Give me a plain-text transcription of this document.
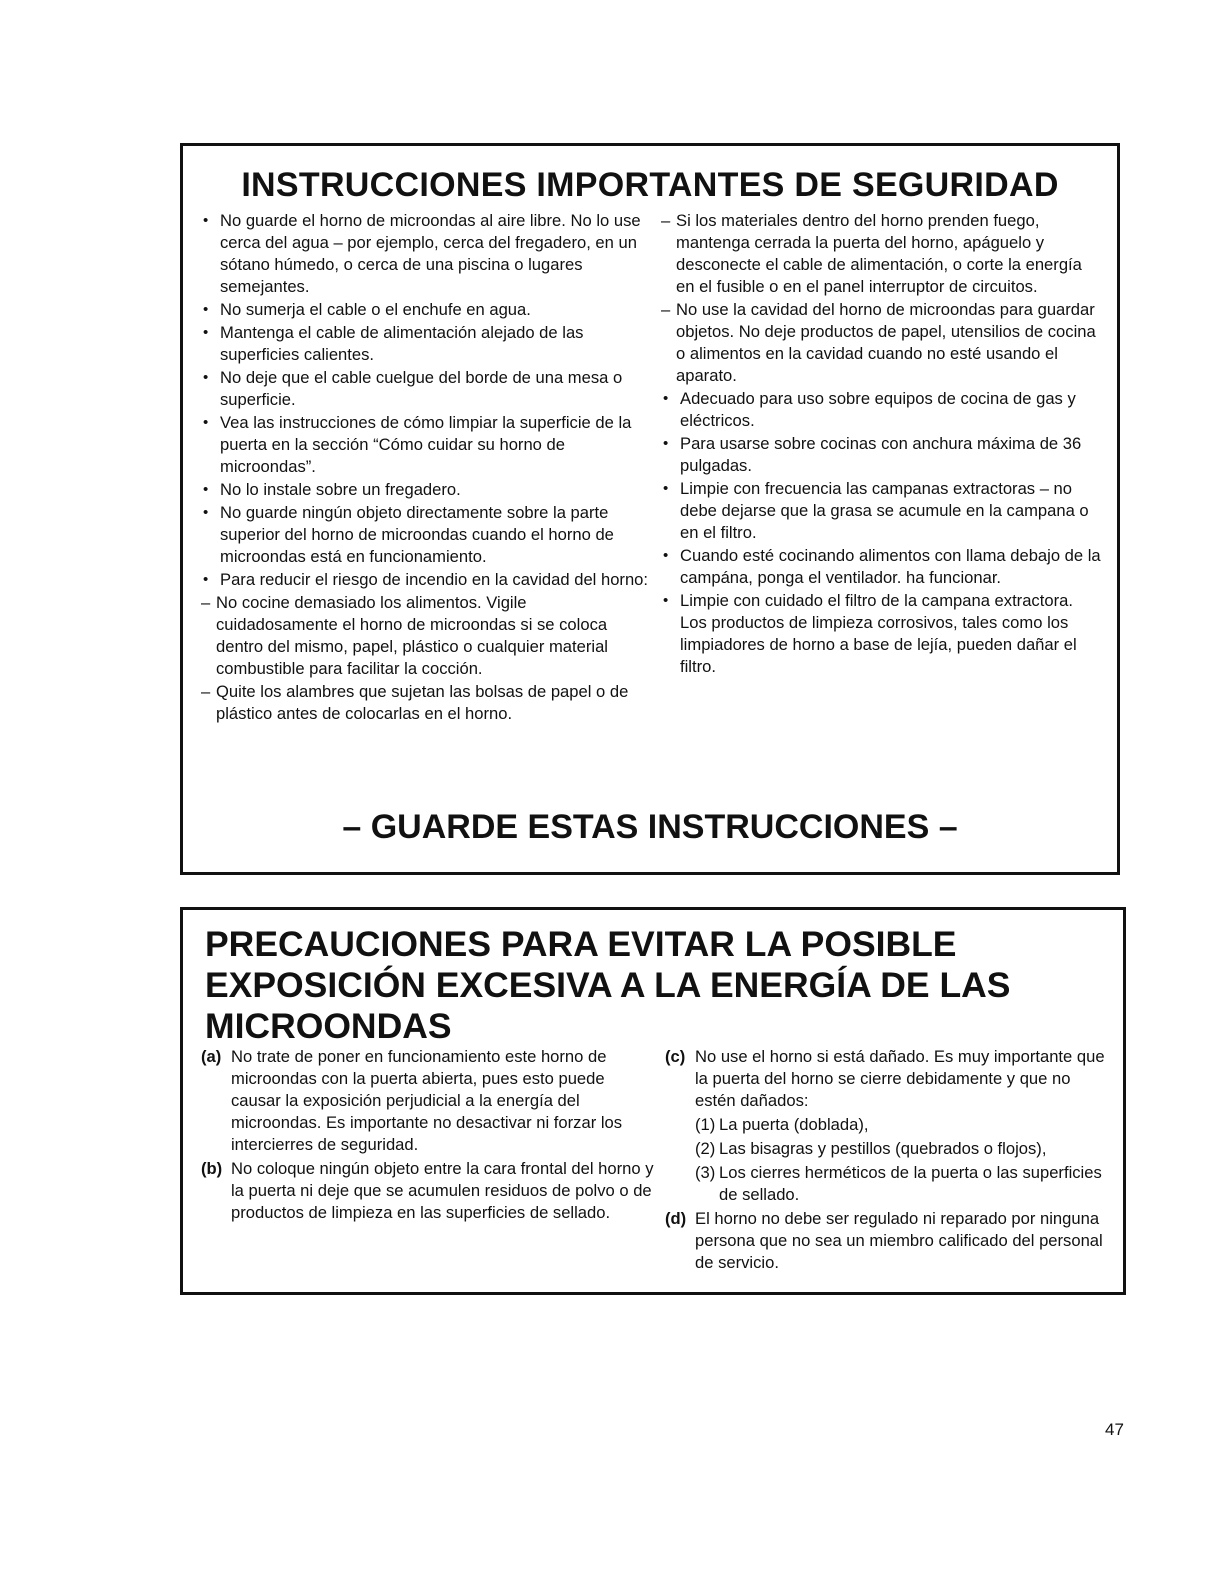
INSTRUCCIONES IMPORTANTES DE SEGURIDAD
• No guarde el horno de microondas al aire libre. No lo use cerca del agua – por ejemplo, cerca del fregadero, en un sótano húmedo, o cerca de una piscina o lugares semejantes.
• No sumerja el cable o el enchufe en agua.
• Mantenga el cable de alimentación alejado de las superficies calientes.
• No deje que el cable cuelgue del borde de una mesa o superficie.
• Vea las instrucciones de cómo limpiar la superficie de la puerta en la sección “Cómo cuidar su horno de microondas”.
• No lo instale sobre un fregadero.
• No guarde ningún objeto directamente sobre la parte superior del horno de microondas cuando el horno de microondas está en funcionamiento.
• Para reducir el riesgo de incendio en la cavidad del horno:
– No cocine demasiado los alimentos. Vigile cuidadosamente el horno de microondas si se coloca dentro del mismo, papel, plástico o cualquier material combustible para facilitar la cocción.
– Quite los alambres que sujetan las bolsas de papel o de plástico antes de colocarlas en el horno.
– Si los materiales dentro del horno prenden fuego, mantenga cerrada la puerta del horno, apáguelo y desconecte el cable de alimentación, o corte la energía en el fusible o en el panel interruptor de circuitos.
– No use la cavidad del horno de microondas para guardar objetos. No deje productos de papel, utensilios de cocina o alimentos en la cavidad cuando no esté usando el aparato.
• Adecuado para uso sobre equipos de cocina de gas y eléctricos.
• Para usarse sobre cocinas con anchura máxima de 36 pulgadas.
• Limpie con frecuencia las campanas extractoras – no debe dejarse que la grasa se acumule en la campana o en el filtro.
• Cuando esté cocinando alimentos con llama debajo de la campána, ponga el ventilador. ha funcionar.
• Limpie con cuidado el filtro de la campana extractora. Los productos de limpieza corrosivos, tales como los limpiadores de horno a base de lejía, pueden dañar el filtro.
– GUARDE ESTAS INSTRUCCIONES –
PRECAUCIONES PARA EVITAR LA POSIBLE EXPOSICIÓN EXCESIVA A LA ENERGÍA DE LAS MICROONDAS
(a) No trate de poner en funcionamiento este horno de microondas con la puerta abierta, pues esto puede causar la exposición perjudicial a la energía del microondas. Es importante no desactivar ni forzar los intercierres de seguridad.
(b) No coloque ningún objeto entre la cara frontal del horno y la puerta ni deje que se acumulen residuos de polvo o de productos de limpieza en las superficies de sellado.
(c) No use el horno si está dañado. Es muy importante que la puerta del horno se cierre debidamente y que no estén dañados:
(1) La puerta (doblada),
(2) Las bisagras y pestillos (quebrados o flojos),
(3) Los cierres herméticos de la puerta o las superficies de sellado.
(d) El horno no debe ser regulado ni reparado por ninguna persona que no sea un miembro calificado del personal de servicio.
47
